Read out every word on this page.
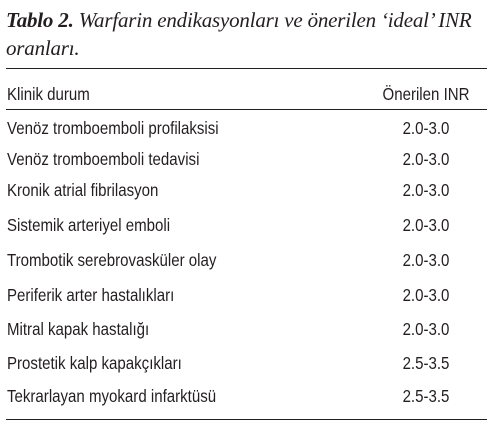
Tablo 2. Warfarin endikasyonları ve önerilen ‘ideal’ INR oranları.
Klinik durum	Önerilen INR
Venöz tromboemboli profilaksisi	2.0-3.0
Venöz tromboemboli tedavisi	2.0-3.0
Kronik atrial fibrilasyon	2.0-3.0
Sistemik arteriyel emboli	2.0-3.0
Trombotik serebrovasküler olay	2.0-3.0
Periferik arter hastalıkları	2.0-3.0
Mitral kapak hastalığı	2.0-3.0
Prostetik kalp kapakçıkları	2.5-3.5
Tekrarlayan myokard infarktüsü	2.5-3.5
